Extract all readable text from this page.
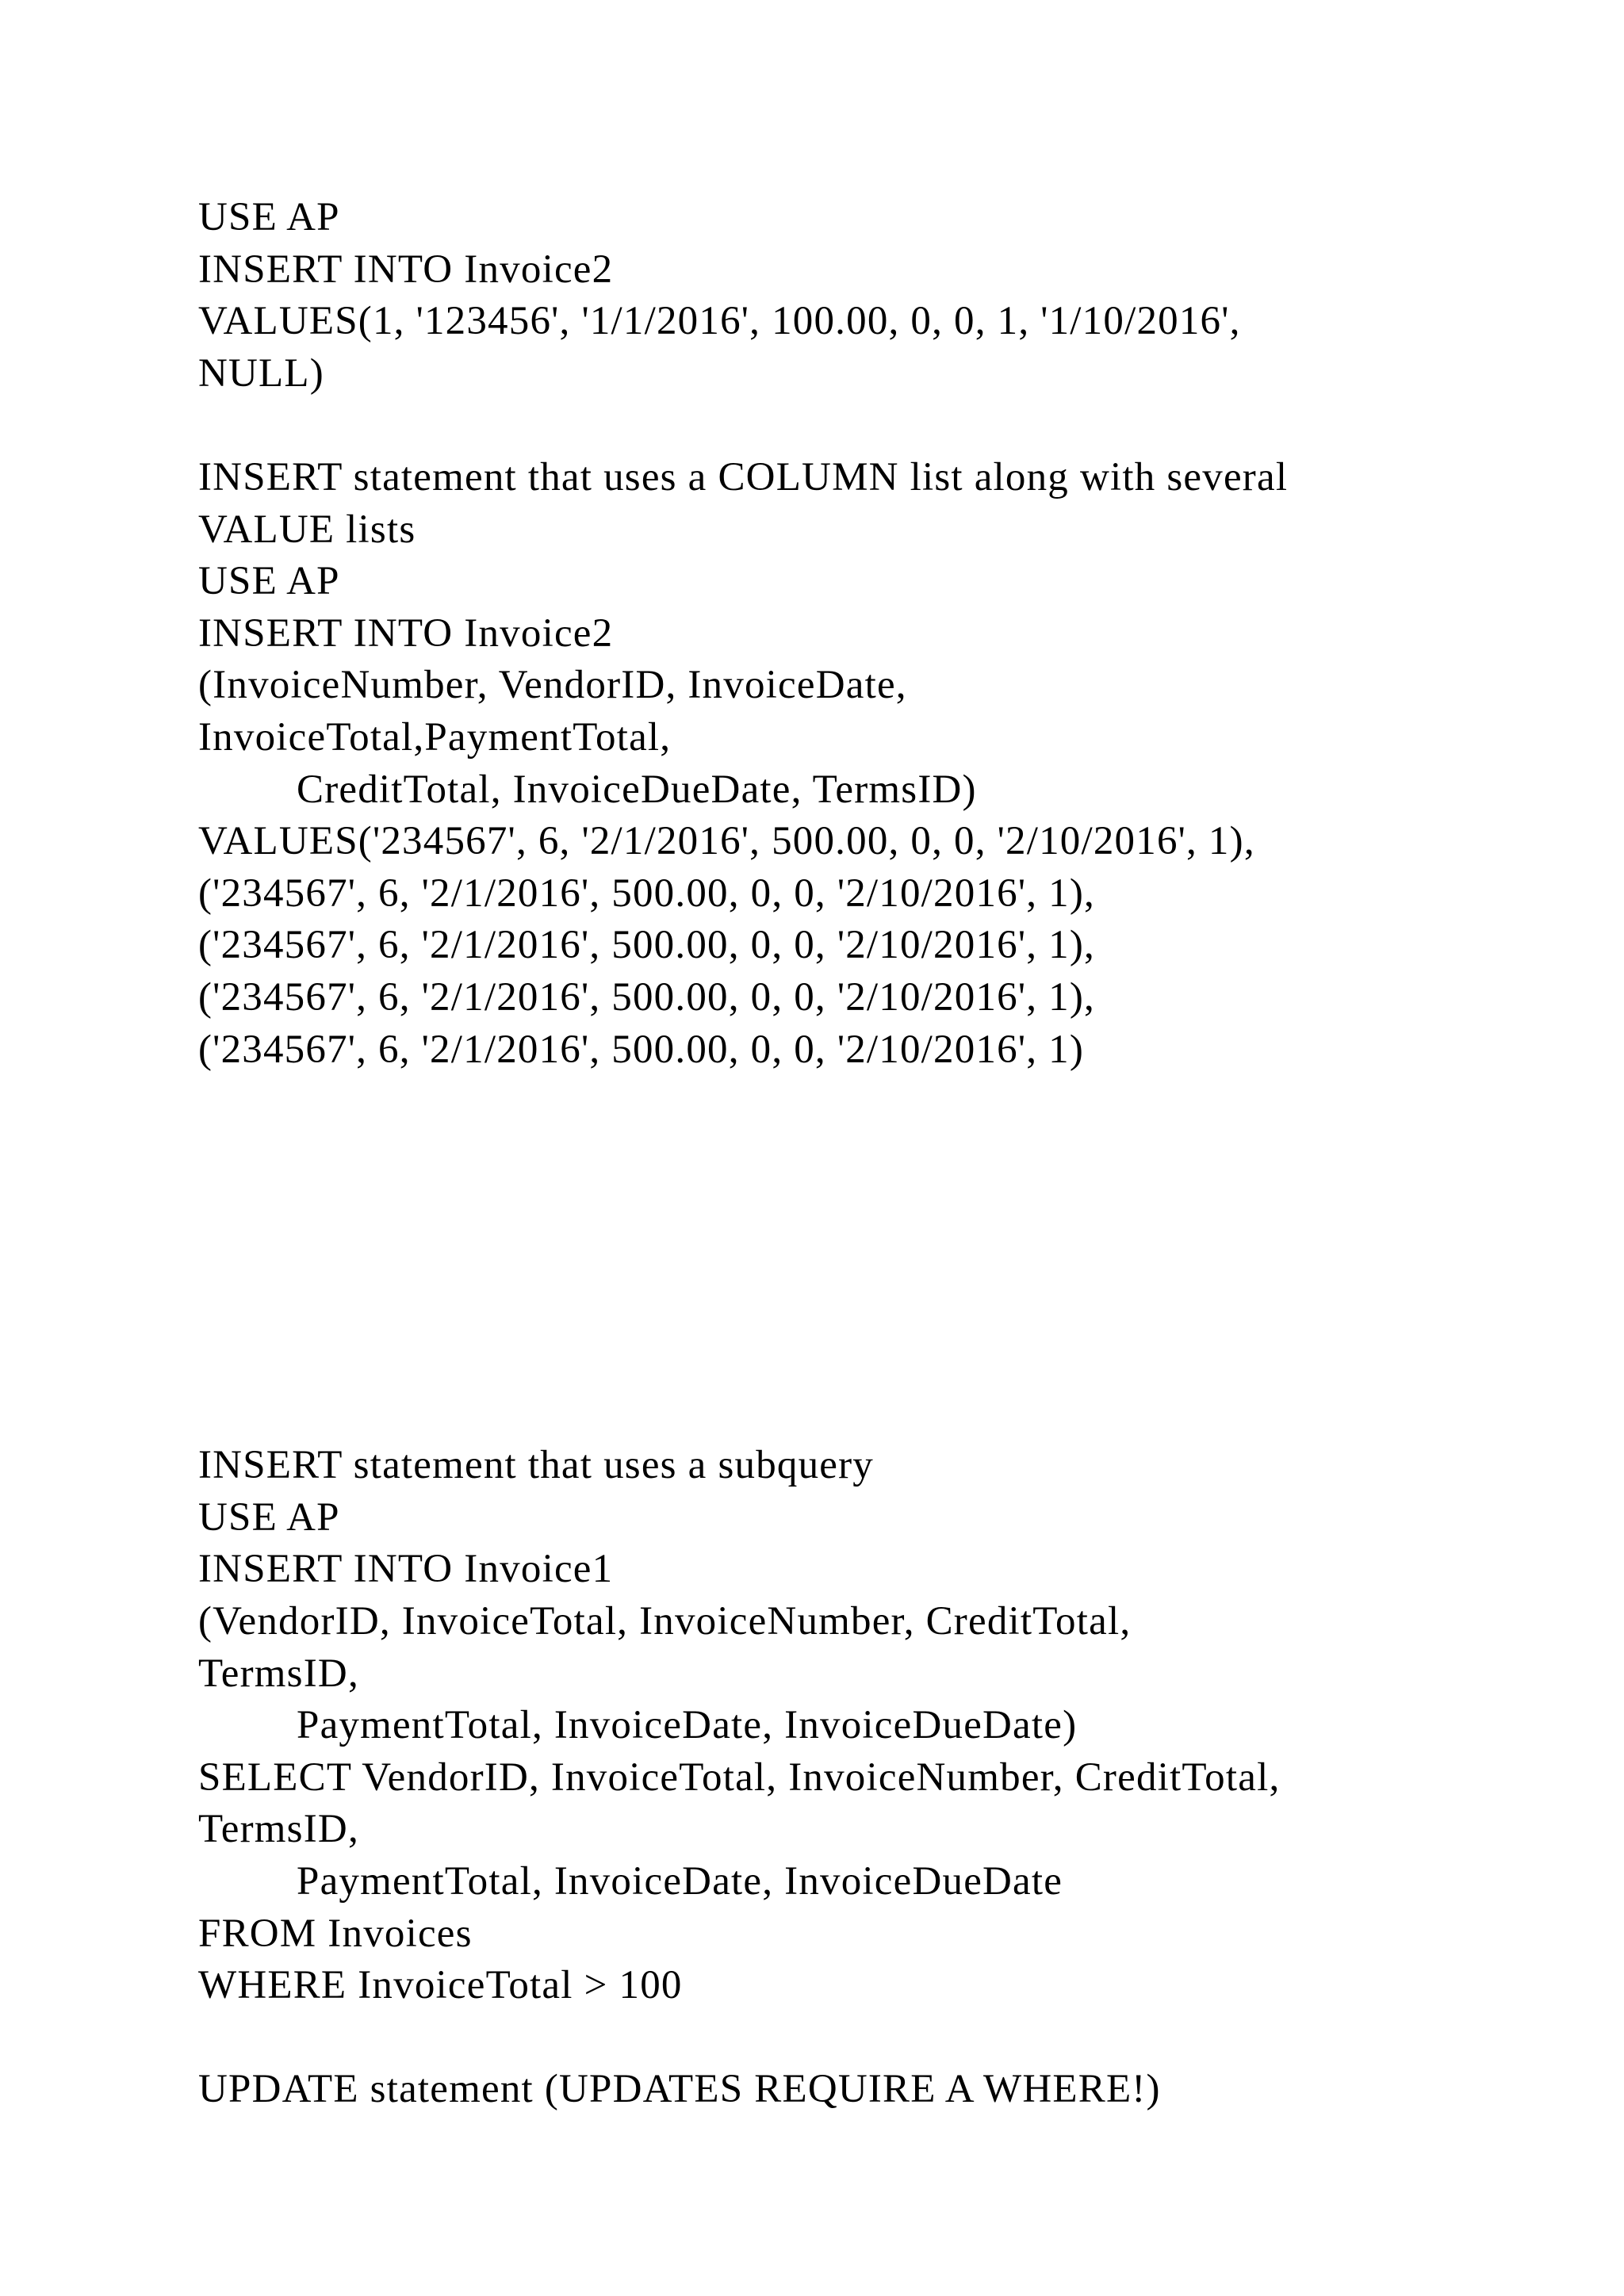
USE AP
INSERT INTO Invoice2
VALUES(1, '123456', '1/1/2016', 100.00, 0, 0, 1, '1/10/2016',
NULL)
INSERT statement that uses a COLUMN list along with several
VALUE lists
USE AP
INSERT INTO Invoice2
(InvoiceNumber, VendorID, InvoiceDate,
InvoiceTotal,PaymentTotal,
CreditTotal, InvoiceDueDate, TermsID)
VALUES('234567', 6, '2/1/2016', 500.00, 0, 0, '2/10/2016', 1),
('234567', 6, '2/1/2016', 500.00, 0, 0, '2/10/2016', 1),
('234567', 6, '2/1/2016', 500.00, 0, 0, '2/10/2016', 1),
('234567', 6, '2/1/2016', 500.00, 0, 0, '2/10/2016', 1),
('234567', 6, '2/1/2016', 500.00, 0, 0, '2/10/2016', 1)
INSERT statement that uses a subquery
USE AP
INSERT INTO Invoice1
(VendorID, InvoiceTotal, InvoiceNumber, CreditTotal,
TermsID,
PaymentTotal, InvoiceDate, InvoiceDueDate)
SELECT VendorID, InvoiceTotal, InvoiceNumber, CreditTotal,
TermsID,
PaymentTotal, InvoiceDate, InvoiceDueDate
FROM Invoices
WHERE InvoiceTotal > 100
UPDATE statement (UPDATES REQUIRE A WHERE!)
